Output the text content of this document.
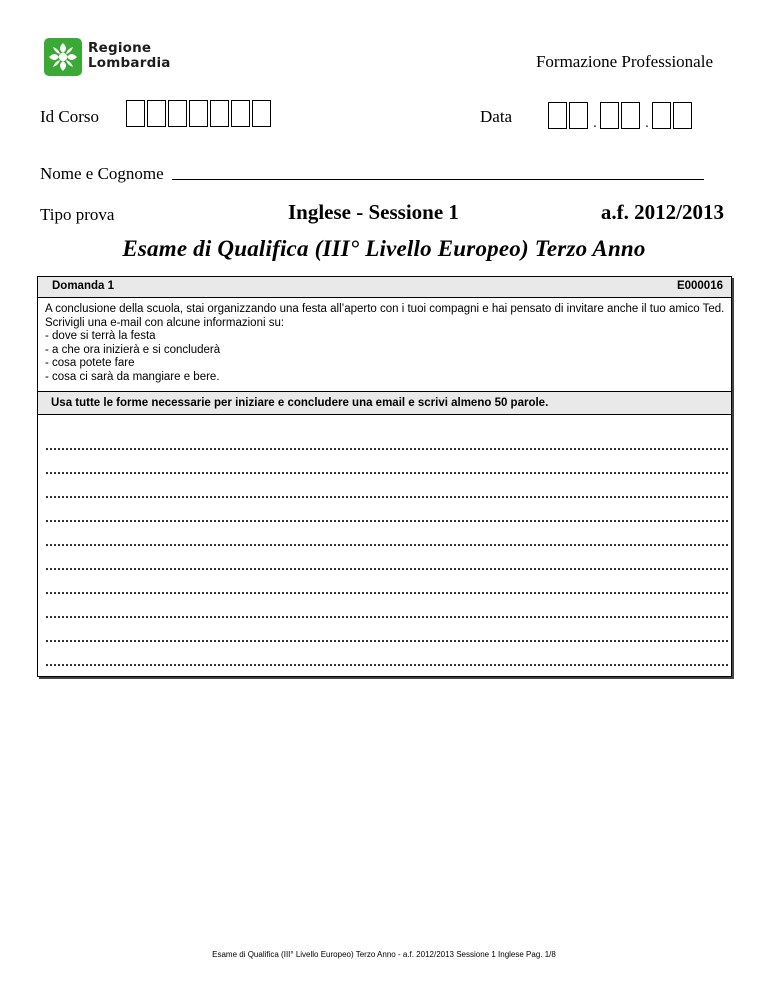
Regione
Lombardia	Formazione Professionale
Id Corso	Data	.	.
Nome e Cognome
Tipo prova	Inglese - Sessione 1	a.f. 2012/2013
Esame di Qualifica (III° Livello Europeo) Terzo Anno
Domanda 1	E000016

A conclusione della scuola, stai organizzando una festa all’aperto con i tuoi compagni e hai pensato di invitare anche il tuo amico Ted. Scrivigli una e-mail con alcune informazioni su:

- dove si terrà la festa
- a che ora inizierà e si concluderà
- cosa potete fare
- cosa ci sarà da mangiare e bere.
Usa tutte le forme necessarie per iniziare e concludere una email e scrivi almeno 50 parole.
Esame di Qualifica (III° Livello Europeo) Terzo Anno - a.f. 2012/2013 Sessione 1 Inglese Pag. 1/8
